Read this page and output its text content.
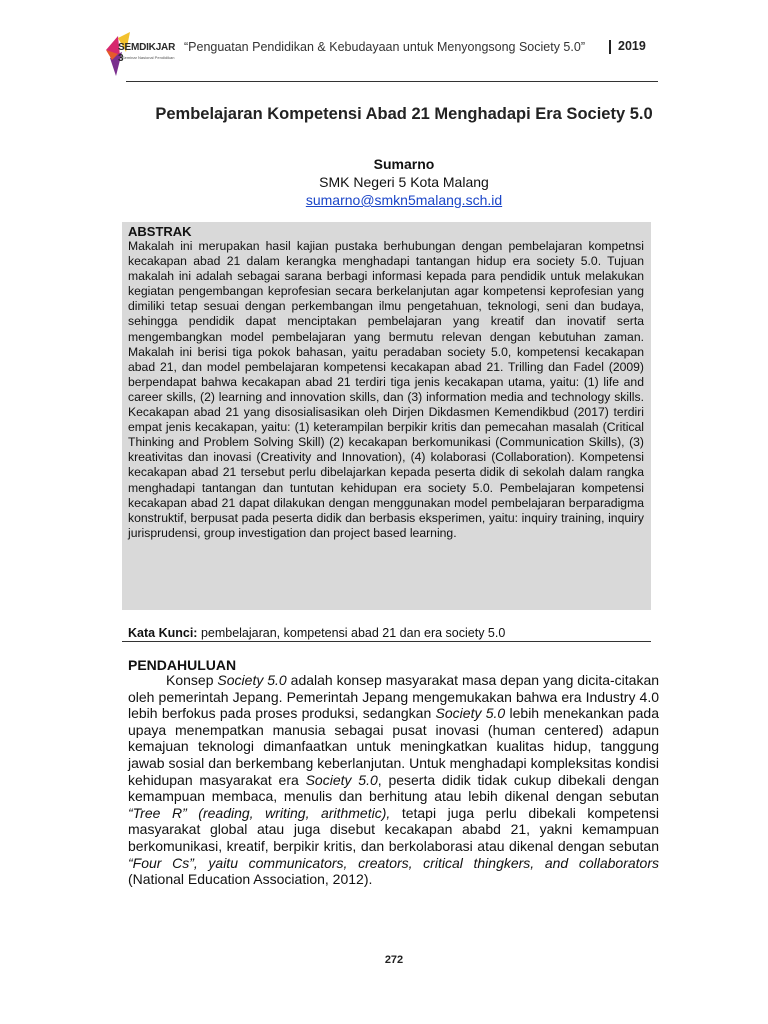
SEMDIKJAR 3
Seminar Nasional Pendidikan
“Penguatan Pendidikan & Kebudayaan untuk Menyongsong Society 5.0”	2019
Pembelajaran Kompetensi Abad 21 Menghadapi Era Society 5.0
Sumarno
SMK Negeri 5 Kota Malang
sumarno@smkn5malang.sch.id
ABSTRAK
Makalah ini merupakan hasil kajian pustaka berhubungan dengan pembelajaran kompetnsi kecakapan abad 21 dalam kerangka menghadapi tantangan hidup era society 5.0. Tujuan makalah ini adalah sebagai sarana berbagi informasi kepada para pendidik untuk melakukan kegiatan pengembangan keprofesian secara berkelanjutan agar kompetensi keprofesian yang dimiliki tetap sesuai dengan perkembangan ilmu pengetahuan, teknologi, seni dan budaya, sehingga pendidik dapat menciptakan pembelajaran yang kreatif dan inovatif serta mengembangkan model pembelajaran yang bermutu relevan dengan kebutuhan zaman. Makalah ini berisi tiga pokok bahasan, yaitu peradaban society 5.0, kompetensi kecakapan abad 21, dan model pembelajaran kompetensi kecakapan abad 21. Trilling dan Fadel (2009) berpendapat bahwa kecakapan abad 21 terdiri tiga jenis kecakapan utama, yaitu: (1) life and career skills, (2) learning and innovation skills, dan (3) information media and technology skills. Kecakapan abad 21 yang disosialisasikan oleh Dirjen Dikdasmen Kemendikbud (2017) terdiri empat jenis kecakapan, yaitu: (1) keterampilan berpikir kritis dan pemecahan masalah (Critical Thinking and Problem Solving Skill) (2) kecakapan berkomunikasi (Communication Skills), (3) kreativitas dan inovasi (Creativity and Innovation), (4) kolaborasi (Collaboration). Kompetensi kecakapan abad 21 tersebut perlu dibelajarkan kepada peserta didik di sekolah dalam rangka menghadapi tantangan dan tuntutan kehidupan era society 5.0. Pembelajaran kompetensi kecakapan abad 21 dapat dilakukan dengan menggunakan model pembelajaran berparadigma konstruktif, berpusat pada peserta didik dan berbasis eksperimen, yaitu: inquiry training, inquiry jurisprudensi, group investigation dan project based learning.
Kata Kunci: pembelajaran, kompetensi abad 21 dan era society 5.0
PENDAHULUAN

Konsep Society 5.0 adalah konsep masyarakat masa depan yang dicita-citakan oleh pemerintah Jepang. Pemerintah Jepang mengemukakan bahwa era Industry 4.0 lebih berfokus pada proses produksi, sedangkan Society 5.0 lebih menekankan pada upaya menempatkan manusia sebagai pusat inovasi (human centered) adapun kemajuan teknologi dimanfaatkan untuk meningkatkan kualitas hidup, tanggung jawab sosial dan berkembang keberlanjutan. Untuk menghadapi kompleksitas kondisi kehidupan masyarakat era Society 5.0, peserta didik tidak cukup dibekali dengan kemampuan membaca, menulis dan berhitung atau lebih dikenal dengan sebutan “Tree R” (reading, writing, arithmetic), tetapi juga perlu dibekali kompetensi masyarakat global atau juga disebut kecakapan ababd 21, yakni kemampuan berkomunikasi, kreatif, berpikir kritis, dan berkolaborasi atau dikenal dengan sebutan “Four Cs”, yaitu communicators, creators, critical thingkers, and collaborators (National Education Association, 2012).

272
